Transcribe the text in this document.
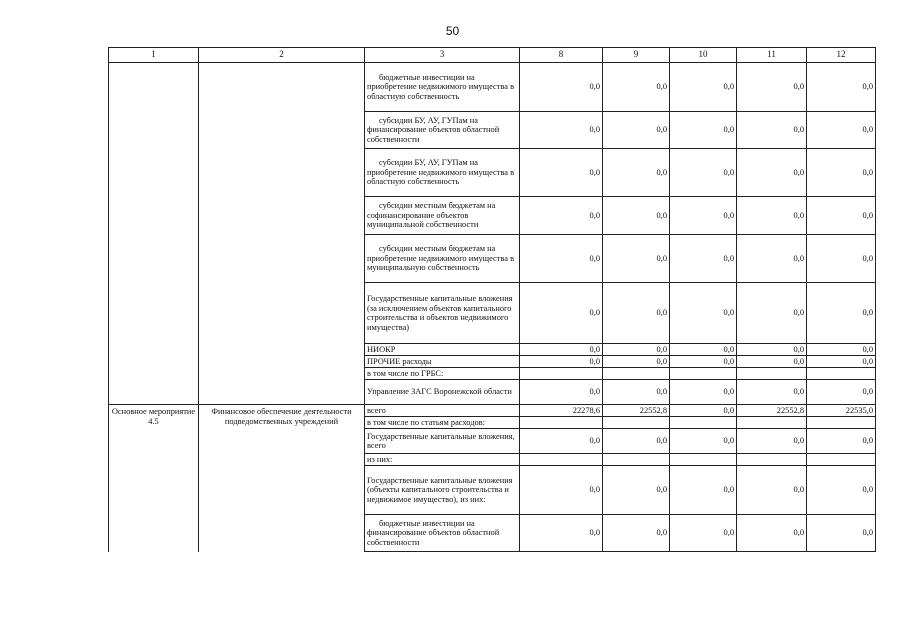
50
1	2	3	8	9	10	11	12
		бюджетные инвестиции на приобретение недвижимого имущества в областную собственность	0,0	0,0	0,0	0,0	0,0
		субсидии БУ, АУ, ГУПам на финансирование объектов областной собственности	0,0	0,0	0,0	0,0	0,0
		субсидии БУ, АУ, ГУПам на приобретение недвижимого имущества в областную собственность	0,0	0,0	0,0	0,0	0,0
		субсидии местным бюджетам на софинансирование объектов муниципальной собственности	0,0	0,0	0,0	0,0	0,0
		субсидии местным бюджетам на приобретение недвижимого имущества в муниципальную собственность	0,0	0,0	0,0	0,0	0,0
		Государственные капитальные вложения (за исключением объектов капитального строительства и объектов недвижимого имущества)	0,0	0,0	0,0	0,0	0,0
		НИОКР	0,0	0,0	0,0	0,0	0,0
		ПРОЧИЕ расходы	0,0	0,0	0,0	0,0	0,0
		в том числе по ГРБС:					
		Управление ЗАГС Воронежской области	0,0	0,0	0,0	0,0	0,0
Основное мероприятие 4.5	Финансовое обеспечение деятельности подведомственных учреждений	всего	22278,6	22552,8	0,0	22552,8	22535,0
		в том числе по статьям расходов:					
		Государственные капитальные вложения, всего	0,0	0,0	0,0	0,0	0,0
		из них:					
		Государственные капитальные вложения (объекты капитального строительства и недвижимое имущество), из них:	0,0	0,0	0,0	0,0	0,0
		бюджетные инвестиции на финансирование объектов областной собственности	0,0	0,0	0,0	0,0	0,0
